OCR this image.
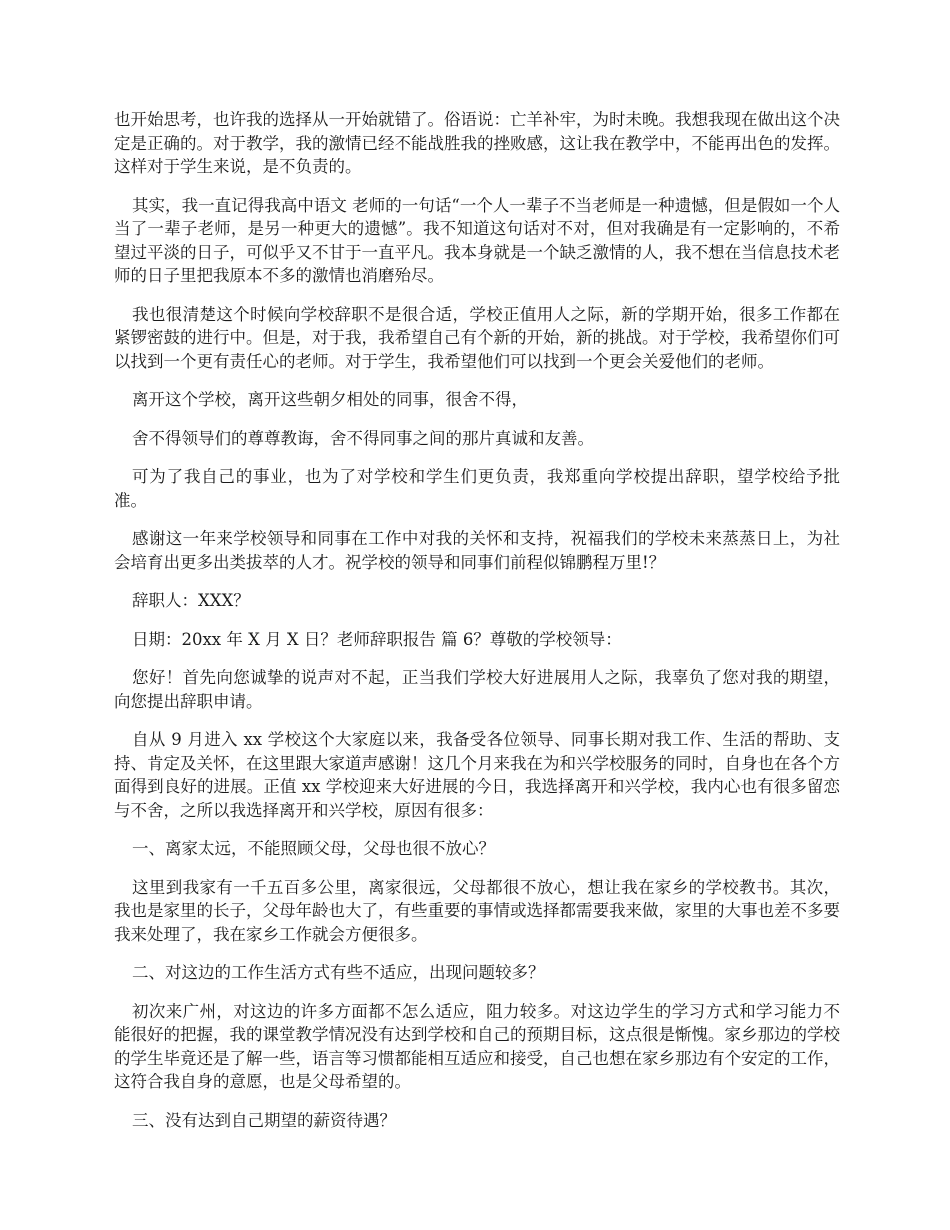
也开始思考，也许我的选择从一开始就错了。俗语说：亡羊补牢，为时未晚。我想我现在做出这个决定是正确的。对于教学，我的激情已经不能战胜我的挫败感，这让我在教学中，不能再出色的发挥。这样对于学生来说，是不负责的。

其实，我一直记得我高中语文 老师的一句话“一个人一辈子不当老师是一种遗憾，但是假如一个人当了一辈子老师，是另一种更大的遗憾”。我不知道这句话对不对，但对我确是有一定影响的，不希望过平淡的日子，可似乎又不甘于一直平凡。我本身就是一个缺乏激情的人，我不想在当信息技术老师的日子里把我原本不多的激情也消磨殆尽。

我也很清楚这个时候向学校辞职不是很合适，学校正值用人之际，新的学期开始，很多工作都在紧锣密鼓的进行中。但是，对于我，我希望自己有个新的开始，新的挑战。对于学校，我希望你们可以找到一个更有责任心的老师。对于学生，我希望他们可以找到一个更会关爱他们的老师。

离开这个学校，离开这些朝夕相处的同事，很舍不得，

舍不得领导们的尊尊教诲，舍不得同事之间的那片真诚和友善。

可为了我自己的事业，也为了对学校和学生们更负责，我郑重向学校提出辞职，望学校给予批准。

感谢这一年来学校领导和同事在工作中对我的关怀和支持，祝福我们的学校未来蒸蒸日上，为社会培育出更多出类拔萃的人才。祝学校的领导和同事们前程似锦鹏程万里!？

辞职人：XXX？

日期：20xx 年 X 月 X 日？老师辞职报告 篇 6？尊敬的学校领导：

您好！首先向您诚挚的说声对不起，正当我们学校大好进展用人之际，我辜负了您对我的期望，向您提出辞职申请。

自从 9 月进入 xx 学校这个大家庭以来，我备受各位领导、同事长期对我工作、生活的帮助、支持、肯定及关怀，在这里跟大家道声感谢！这几个月来我在为和兴学校服务的同时，自身也在各个方面得到良好的进展。正值 xx 学校迎来大好进展的今日，我选择离开和兴学校，我内心也有很多留恋与不舍，之所以我选择离开和兴学校，原因有很多：

一、离家太远，不能照顾父母，父母也很不放心？

这里到我家有一千五百多公里，离家很远，父母都很不放心，想让我在家乡的学校教书。其次，我也是家里的长子，父母年龄也大了，有些重要的事情或选择都需要我来做，家里的大事也差不多要我来处理了，我在家乡工作就会方便很多。

二、对这边的工作生活方式有些不适应，出现问题较多？

初次来广州，对这边的许多方面都不怎么适应，阻力较多。对这边学生的学习方式和学习能力不能很好的把握，我的课堂教学情况没有达到学校和自己的预期目标，这点很是惭愧。家乡那边的学校的学生毕竟还是了解一些，语言等习惯都能相互适应和接受，自己也想在家乡那边有个安定的工作，这符合我自身的意愿，也是父母希望的。

三、没有达到自己期望的薪资待遇？
